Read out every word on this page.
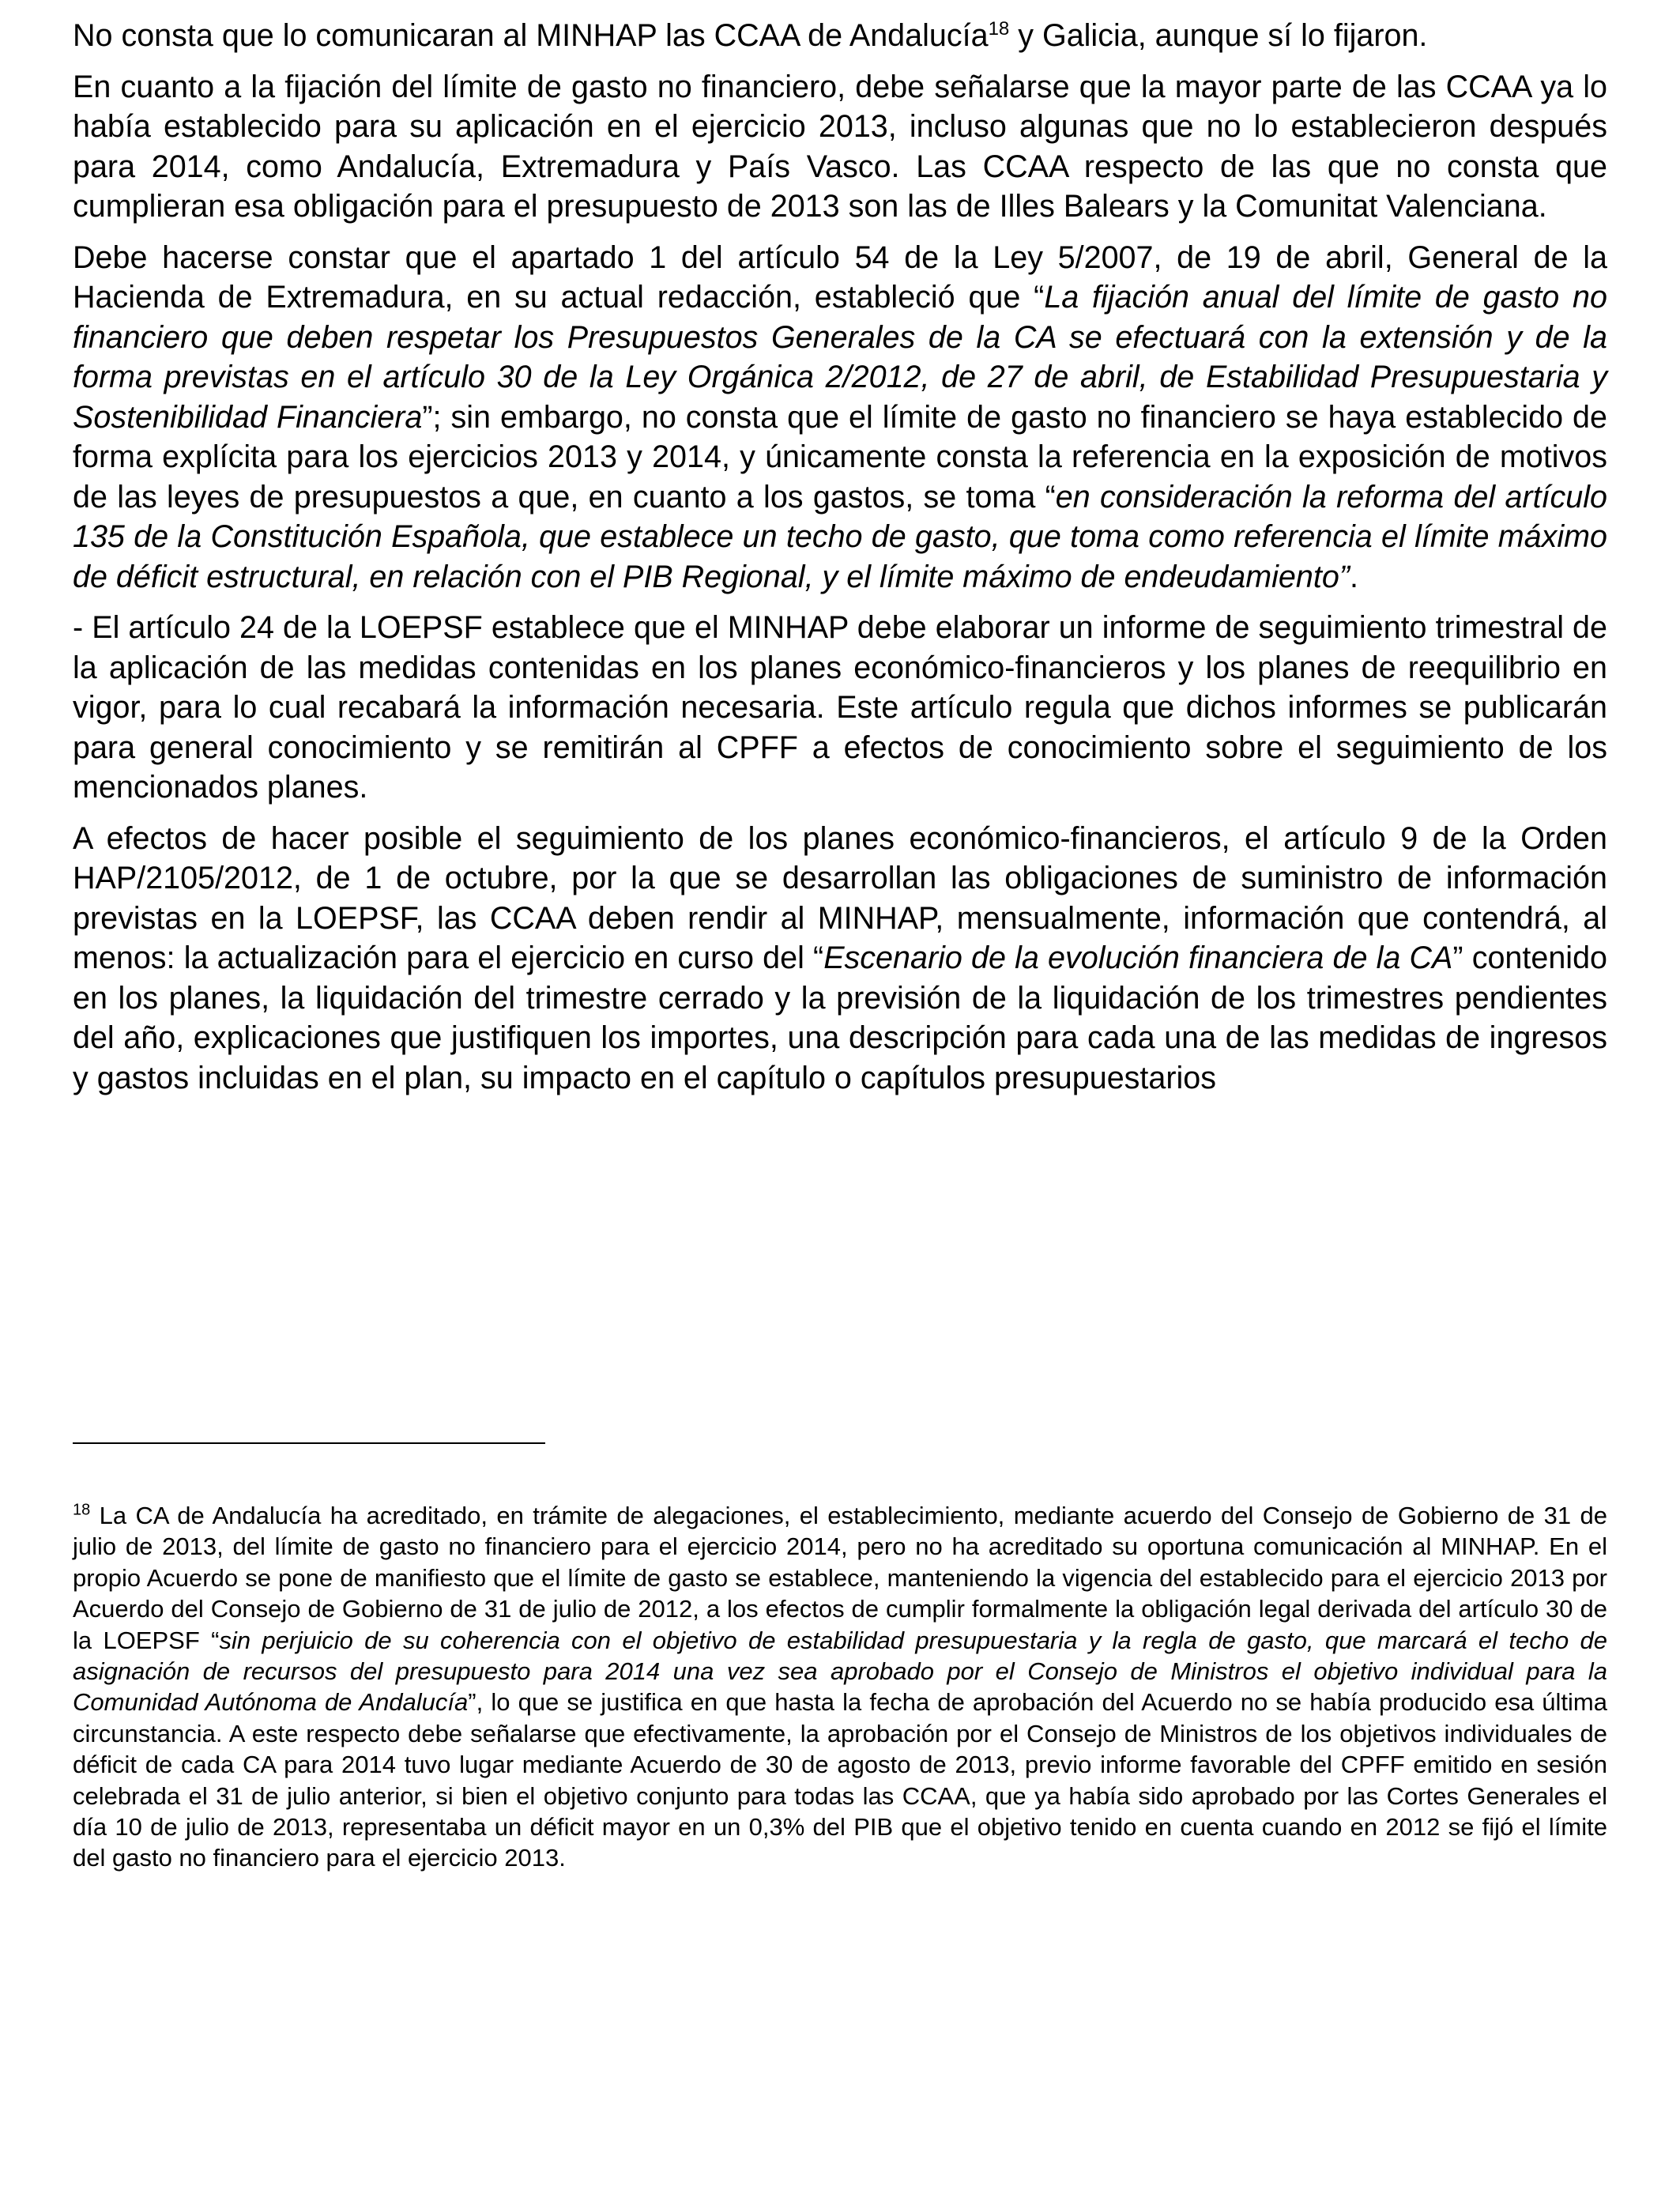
No consta que lo comunicaran al MINHAP las CCAA de Andalucía$^{18}$ y Galicia, aunque sí lo fijaron.

En cuanto a la fijación del límite de gasto no financiero, debe señalarse que la mayor parte de las CCAA ya lo había establecido para su aplicación en el ejercicio 2013, incluso algunas que no lo establecieron después para 2014, como Andalucía, Extremadura y País Vasco. Las CCAA respecto de las que no consta que cumplieran esa obligación para el presupuesto de 2013 son las de Illes Balears y la Comunitat Valenciana.

Debe hacerse constar que el apartado 1 del artículo 54 de la Ley 5/2007, de 19 de abril, General de la Hacienda de Extremadura, en su actual redacción, estableció que “La fijación anual del límite de gasto no financiero que deben respetar los Presupuestos Generales de la CA se efectuará con la extensión y de la forma previstas en el artículo 30 de la Ley Orgánica 2/2012, de 27 de abril, de Estabilidad Presupuestaria y Sostenibilidad Financiera”; sin embargo, no consta que el límite de gasto no financiero se haya establecido de forma explícita para los ejercicios 2013 y 2014, y únicamente consta la referencia en la exposición de motivos de las leyes de presupuestos a que, en cuanto a los gastos, se toma “en consideración la reforma del artículo 135 de la Constitución Española, que establece un techo de gasto, que toma como referencia el límite máximo de déficit estructural, en relación con el PIB Regional, y el límite máximo de endeudamiento”.

- El artículo 24 de la LOEPSF establece que el MINHAP debe elaborar un informe de seguimiento trimestral de la aplicación de las medidas contenidas en los planes económico-financieros y los planes de reequilibrio en vigor, para lo cual recabará la información necesaria. Este artículo regula que dichos informes se publicarán para general conocimiento y se remitirán al CPFF a efectos de conocimiento sobre el seguimiento de los mencionados planes.

A efectos de hacer posible el seguimiento de los planes económico-financieros, el artículo 9 de la Orden HAP/2105/2012, de 1 de octubre, por la que se desarrollan las obligaciones de suministro de información previstas en la LOEPSF, las CCAA deben rendir al MINHAP, mensualmente, información que contendrá, al menos: la actualización para el ejercicio en curso del “Escenario de la evolución financiera de la CA” contenido en los planes, la liquidación del trimestre cerrado y la previsión de la liquidación de los trimestres pendientes del año, explicaciones que justifiquen los importes, una descripción para cada una de las medidas de ingresos y gastos incluidas en el plan, su impacto en el capítulo o capítulos presupuestarios

$^{18}$ La CA de Andalucía ha acreditado, en trámite de alegaciones, el establecimiento, mediante acuerdo del Consejo de Gobierno de 31 de julio de 2013, del límite de gasto no financiero para el ejercicio 2014, pero no ha acreditado su oportuna comunicación al MINHAP. En el propio Acuerdo se pone de manifiesto que el límite de gasto se establece, manteniendo la vigencia del establecido para el ejercicio 2013 por Acuerdo del Consejo de Gobierno de 31 de julio de 2012, a los efectos de cumplir formalmente la obligación legal derivada del artículo 30 de la LOEPSF “sin perjuicio de su coherencia con el objetivo de estabilidad presupuestaria y la regla de gasto, que marcará el techo de asignación de recursos del presupuesto para 2014 una vez sea aprobado por el Consejo de Ministros el objetivo individual para la Comunidad Autónoma de Andalucía”, lo que se justifica en que hasta la fecha de aprobación del Acuerdo no se había producido esa última circunstancia. A este respecto debe señalarse que efectivamente, la aprobación por el Consejo de Ministros de los objetivos individuales de déficit de cada CA para 2014 tuvo lugar mediante Acuerdo de 30 de agosto de 2013, previo informe favorable del CPFF emitido en sesión celebrada el 31 de julio anterior, si bien el objetivo conjunto para todas las CCAA, que ya había sido aprobado por las Cortes Generales el día 10 de julio de 2013, representaba un déficit mayor en un 0,3% del PIB que el objetivo tenido en cuenta cuando en 2012 se fijó el límite del gasto no financiero para el ejercicio 2013.
